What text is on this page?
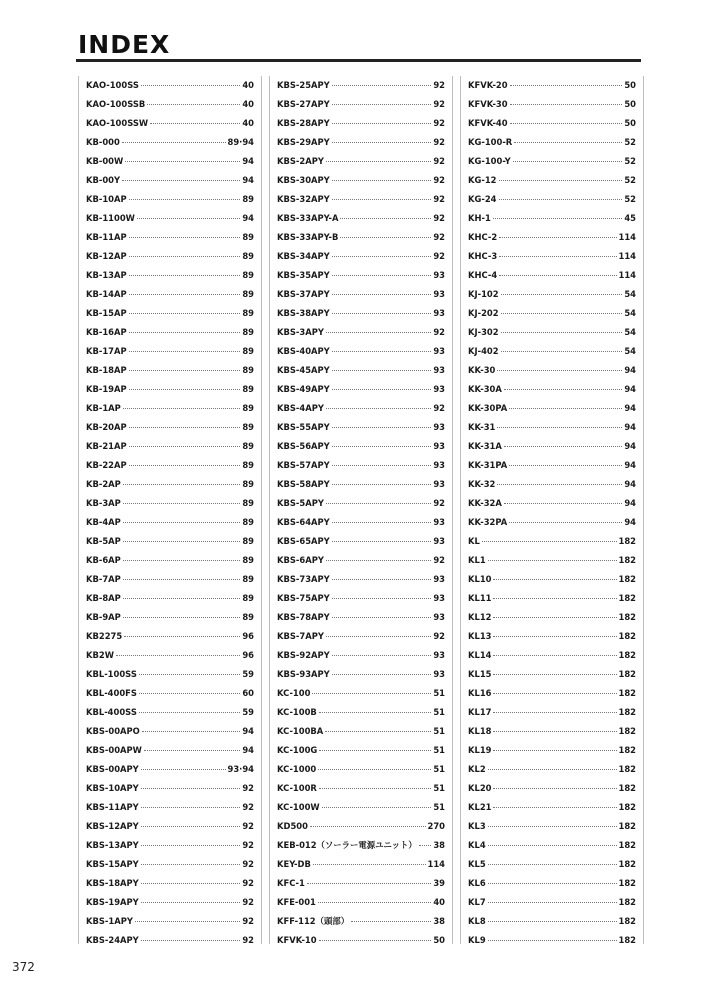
INDEX
KAO-100SS	40
KAO-100SSB	40
KAO-100SSW	40
KB-000	89·94
KB-00W	94
KB-00Y	94
KB-10AP	89
KB-1100W	94
KB-11AP	89
KB-12AP	89
KB-13AP	89
KB-14AP	89
KB-15AP	89
KB-16AP	89
KB-17AP	89
KB-18AP	89
KB-19AP	89
KB-1AP	89
KB-20AP	89
KB-21AP	89
KB-22AP	89
KB-2AP	89
KB-3AP	89
KB-4AP	89
KB-5AP	89
KB-6AP	89
KB-7AP	89
KB-8AP	89
KB-9AP	89
KB2275	96
KB2W	96
KBL-100SS	59
KBL-400FS	60
KBL-400SS	59
KBS-00APO	94
KBS-00APW	94
KBS-00APY	93·94
KBS-10APY	92
KBS-11APY	92
KBS-12APY	92
KBS-13APY	92
KBS-15APY	92
KBS-18APY	92
KBS-19APY	92
KBS-1APY	92
KBS-24APY	92
KBS-25APY	92
KBS-27APY	92
KBS-28APY	92
KBS-29APY	92
KBS-2APY	92
KBS-30APY	92
KBS-32APY	92
KBS-33APY-A	92
KBS-33APY-B	92
KBS-34APY	92
KBS-35APY	93
KBS-37APY	93
KBS-38APY	93
KBS-3APY	92
KBS-40APY	93
KBS-45APY	93
KBS-49APY	93
KBS-4APY	92
KBS-55APY	93
KBS-56APY	93
KBS-57APY	93
KBS-58APY	93
KBS-5APY	92
KBS-64APY	93
KBS-65APY	93
KBS-6APY	92
KBS-73APY	93
KBS-75APY	93
KBS-78APY	93
KBS-7APY	92
KBS-92APY	93
KBS-93APY	93
KC-100	51
KC-100B	51
KC-100BA	51
KC-100G	51
KC-1000	51
KC-100R	51
KC-100W	51
KD500	270
KEB-012（ソーラー電源ユニット） 38
KEY-DB	114
KFC-1	39
KFE-001	40
KFF-112（頭部）	38
KFVK-10	50
KFVK-20	50
KFVK-30	50
KFVK-40	50
KG-100-R	52
KG-100-Y	52
KG-12	52
KG-24	52
KH-1	45
KHC-2	114
KHC-3	114
KHC-4	114
KJ-102	54
KJ-202	54
KJ-302	54
KJ-402	54
KK-30	94
KK-30A	94
KK-30PA	94
KK-31	94
KK-31A	94
KK-31PA	94
KK-32	94
KK-32A	94
KK-32PA	94
KL	182
KL1	182
KL10	182
KL11	182
KL12	182
KL13	182
KL14	182
KL15	182
KL16	182
KL17	182
KL18	182
KL19	182
KL2	182
KL20	182
KL21	182
KL3	182
KL4	182
KL5	182
KL6	182
KL7	182
KL8	182
KL9	182
372
